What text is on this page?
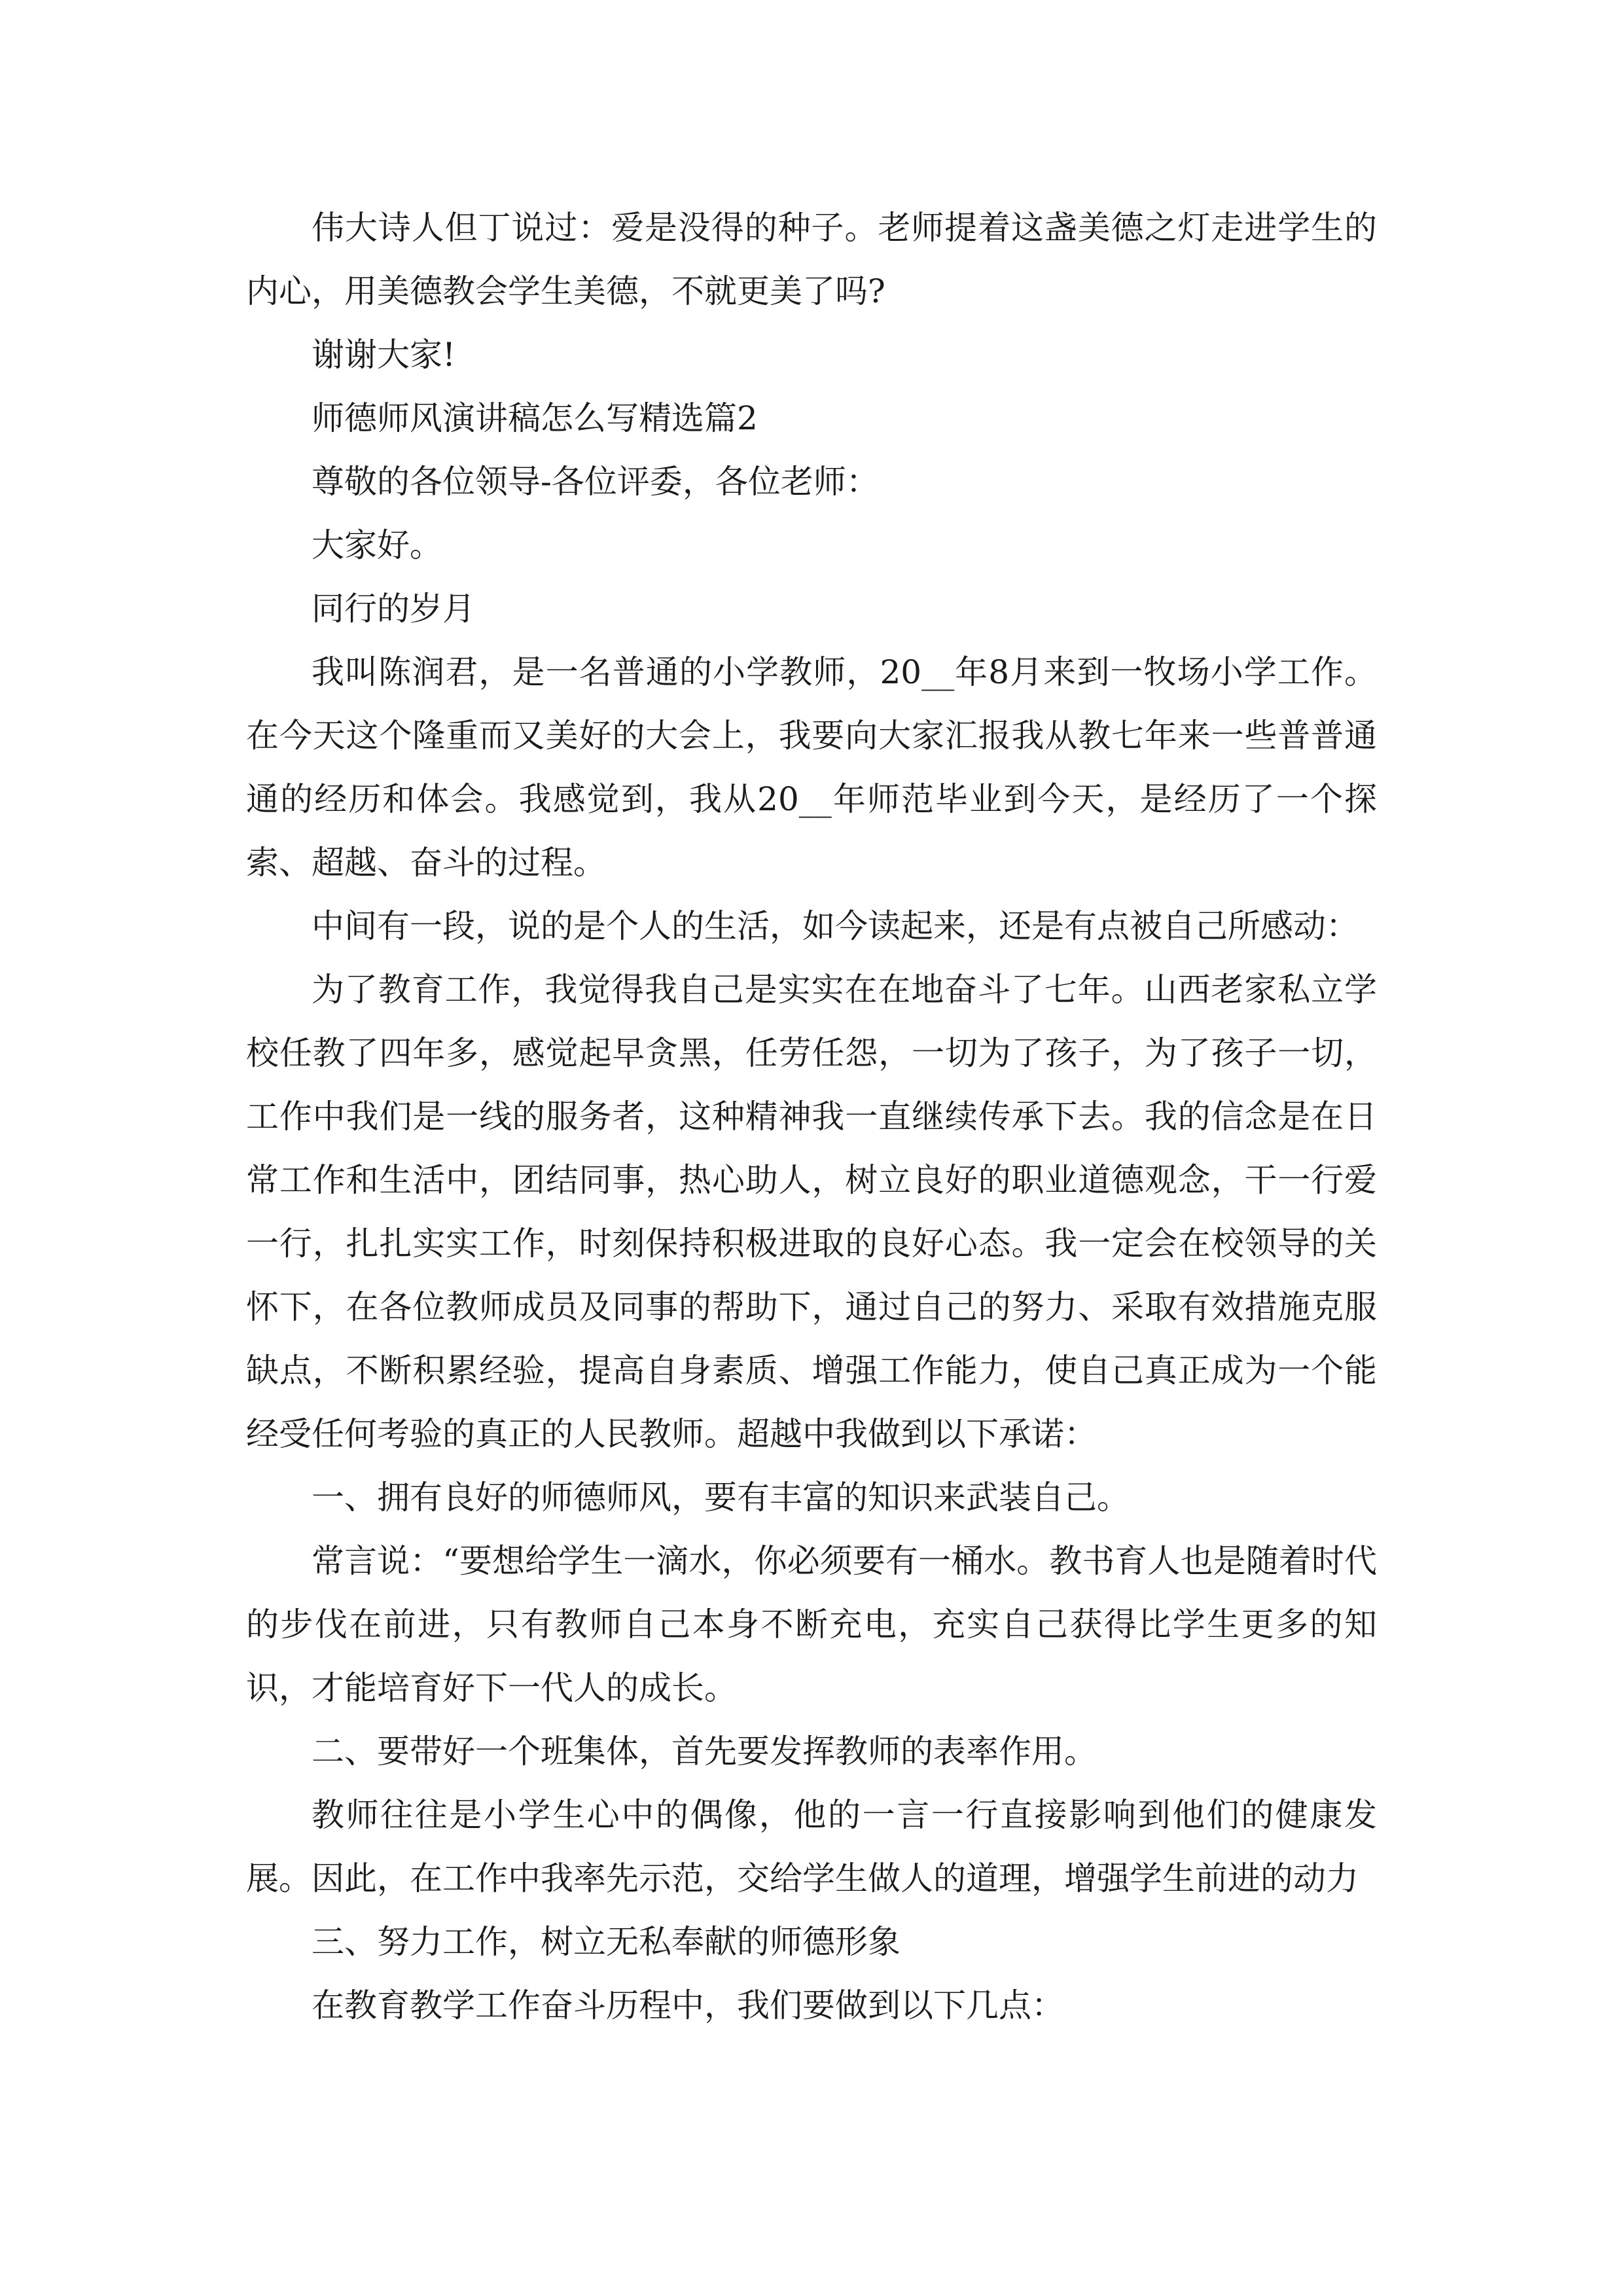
伟大诗人但丁说过：爱是没得的种子。老师提着这盏美德之灯走进学生的内心，用美德教会学生美德，不就更美了吗?

谢谢大家!

师德师风演讲稿怎么写精选篇2

尊敬的各位领导-各位评委，各位老师：

大家好。

同行的岁月

我叫陈润君，是一名普通的小学教师，20__年8月来到一牧场小学工作。在今天这个隆重而又美好的大会上，我要向大家汇报我从教七年来一些普普通通的经历和体会。我感觉到，我从20__年师范毕业到今天，是经历了一个探索、超越、奋斗的过程。

中间有一段，说的是个人的生活，如今读起来，还是有点被自己所感动：

为了教育工作，我觉得我自己是实实在在地奋斗了七年。山西老家私立学校任教了四年多，感觉起早贪黑，任劳任怨，一切为了孩子，为了孩子一切，工作中我们是一线的服务者，这种精神我一直继续传承下去。我的信念是在日常工作和生活中，团结同事，热心助人，树立良好的职业道德观念，干一行爱一行，扎扎实实工作，时刻保持积极进取的良好心态。我一定会在校领导的关怀下，在各位教师成员及同事的帮助下，通过自己的努力、采取有效措施克服缺点，不断积累经验，提高自身素质、增强工作能力，使自己真正成为一个能经受任何考验的真正的人民教师。超越中我做到以下承诺：

一、拥有良好的师德师风，要有丰富的知识来武装自己。

常言说：“要想给学生一滴水，你必须要有一桶水。教书育人也是随着时代的步伐在前进，只有教师自己本身不断充电，充实自己获得比学生更多的知识，才能培育好下一代人的成长。

二、要带好一个班集体，首先要发挥教师的表率作用。

教师往往是小学生心中的偶像，他的一言一行直接影响到他们的健康发展。因此，在工作中我率先示范，交给学生做人的道理，增强学生前进的动力

三、努力工作，树立无私奉献的师德形象

在教育教学工作奋斗历程中，我们要做到以下几点：
